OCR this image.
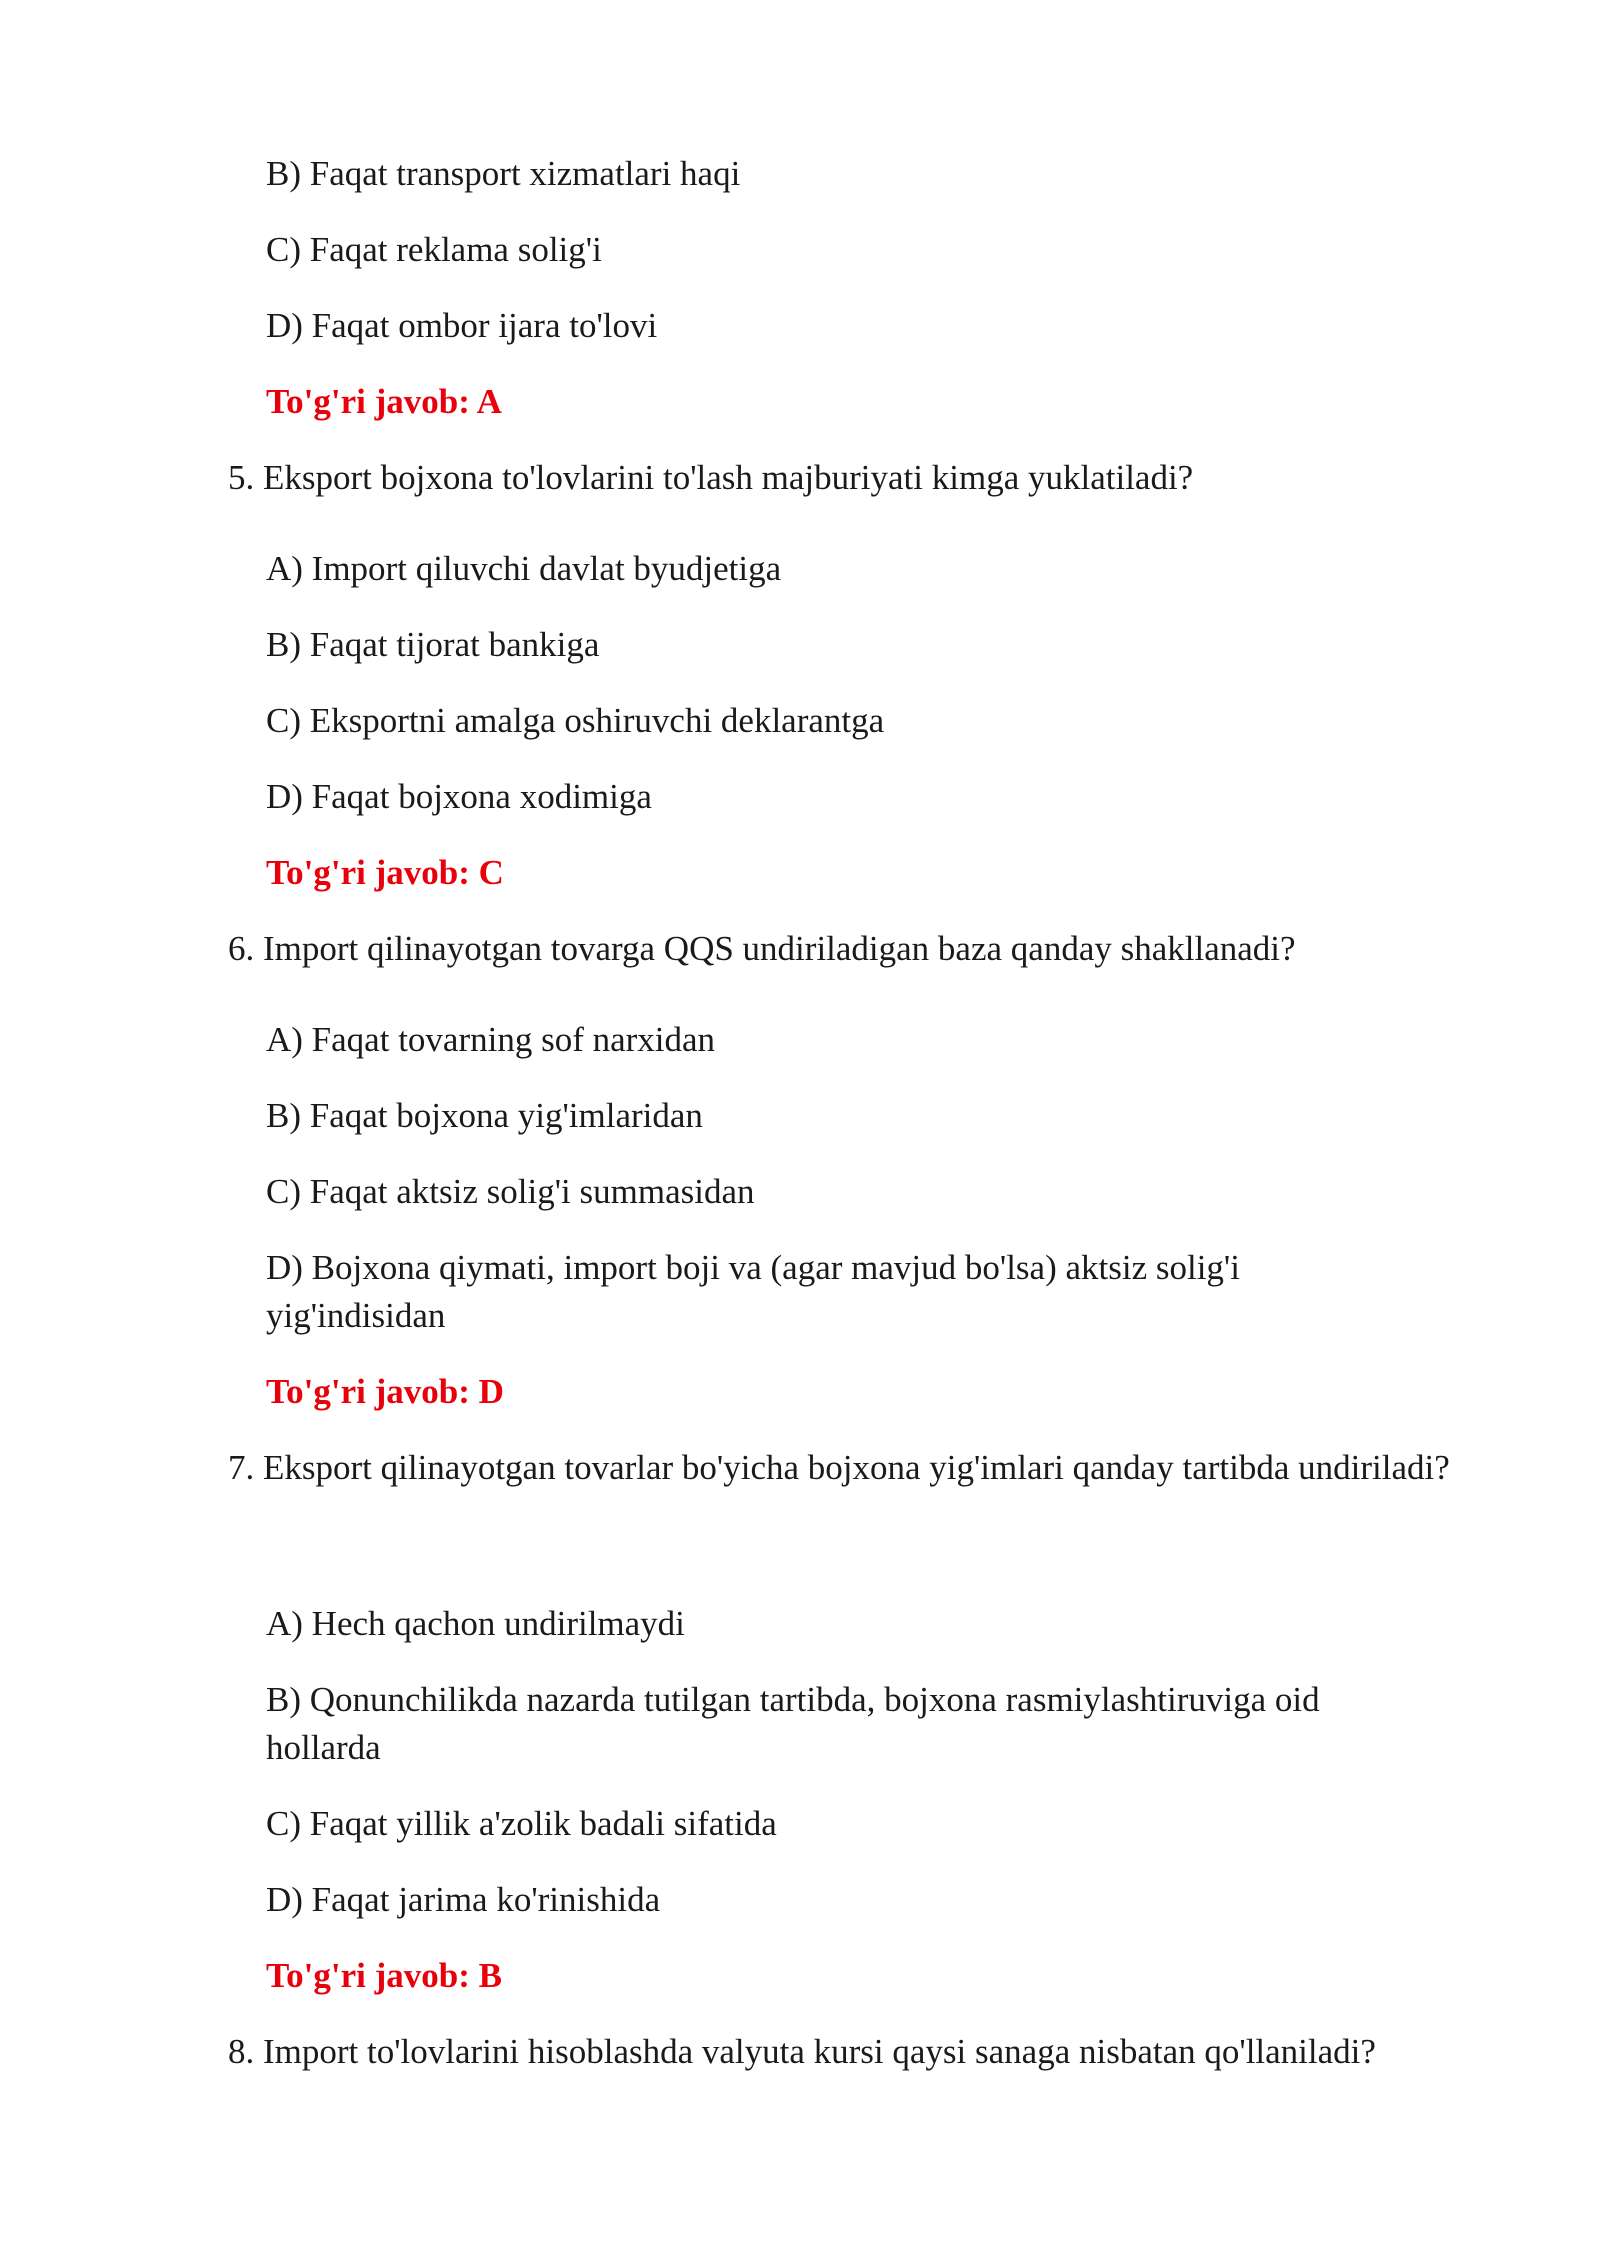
B) Faqat transport xizmatlari haqi
C) Faqat reklama solig'i
D) Faqat ombor ijara to'lovi
To'g'ri javob: A
5. Eksport bojxona to'lovlarini to'lash majburiyati kimga yuklatiladi?
A) Import qiluvchi davlat byudjetiga
B) Faqat tijorat bankiga
C) Eksportni amalga oshiruvchi deklarantga
D) Faqat bojxona xodimiga
To'g'ri javob: C
6. Import qilinayotgan tovarga QQS undiriladigan baza qanday shakllanadi?
A) Faqat tovarning sof narxidan
B) Faqat bojxona yig'imlaridan
C) Faqat aktsiz solig'i summasidan
D) Bojxona qiymati, import boji va (agar mavjud bo'lsa) aktsiz solig'i yig'indisidan
To'g'ri javob: D
7. Eksport qilinayotgan tovarlar bo'yicha bojxona yig'imlari qanday tartibda undiriladi?
A) Hech qachon undirilmaydi
B) Qonunchilikda nazarda tutilgan tartibda, bojxona rasmiylashtiruviga oid hollarda
C) Faqat yillik a'zolik badali sifatida
D) Faqat jarima ko'rinishida
To'g'ri javob: B
8. Import to'lovlarini hisoblashda valyuta kursi qaysi sanaga nisbatan qo'llaniladi?
